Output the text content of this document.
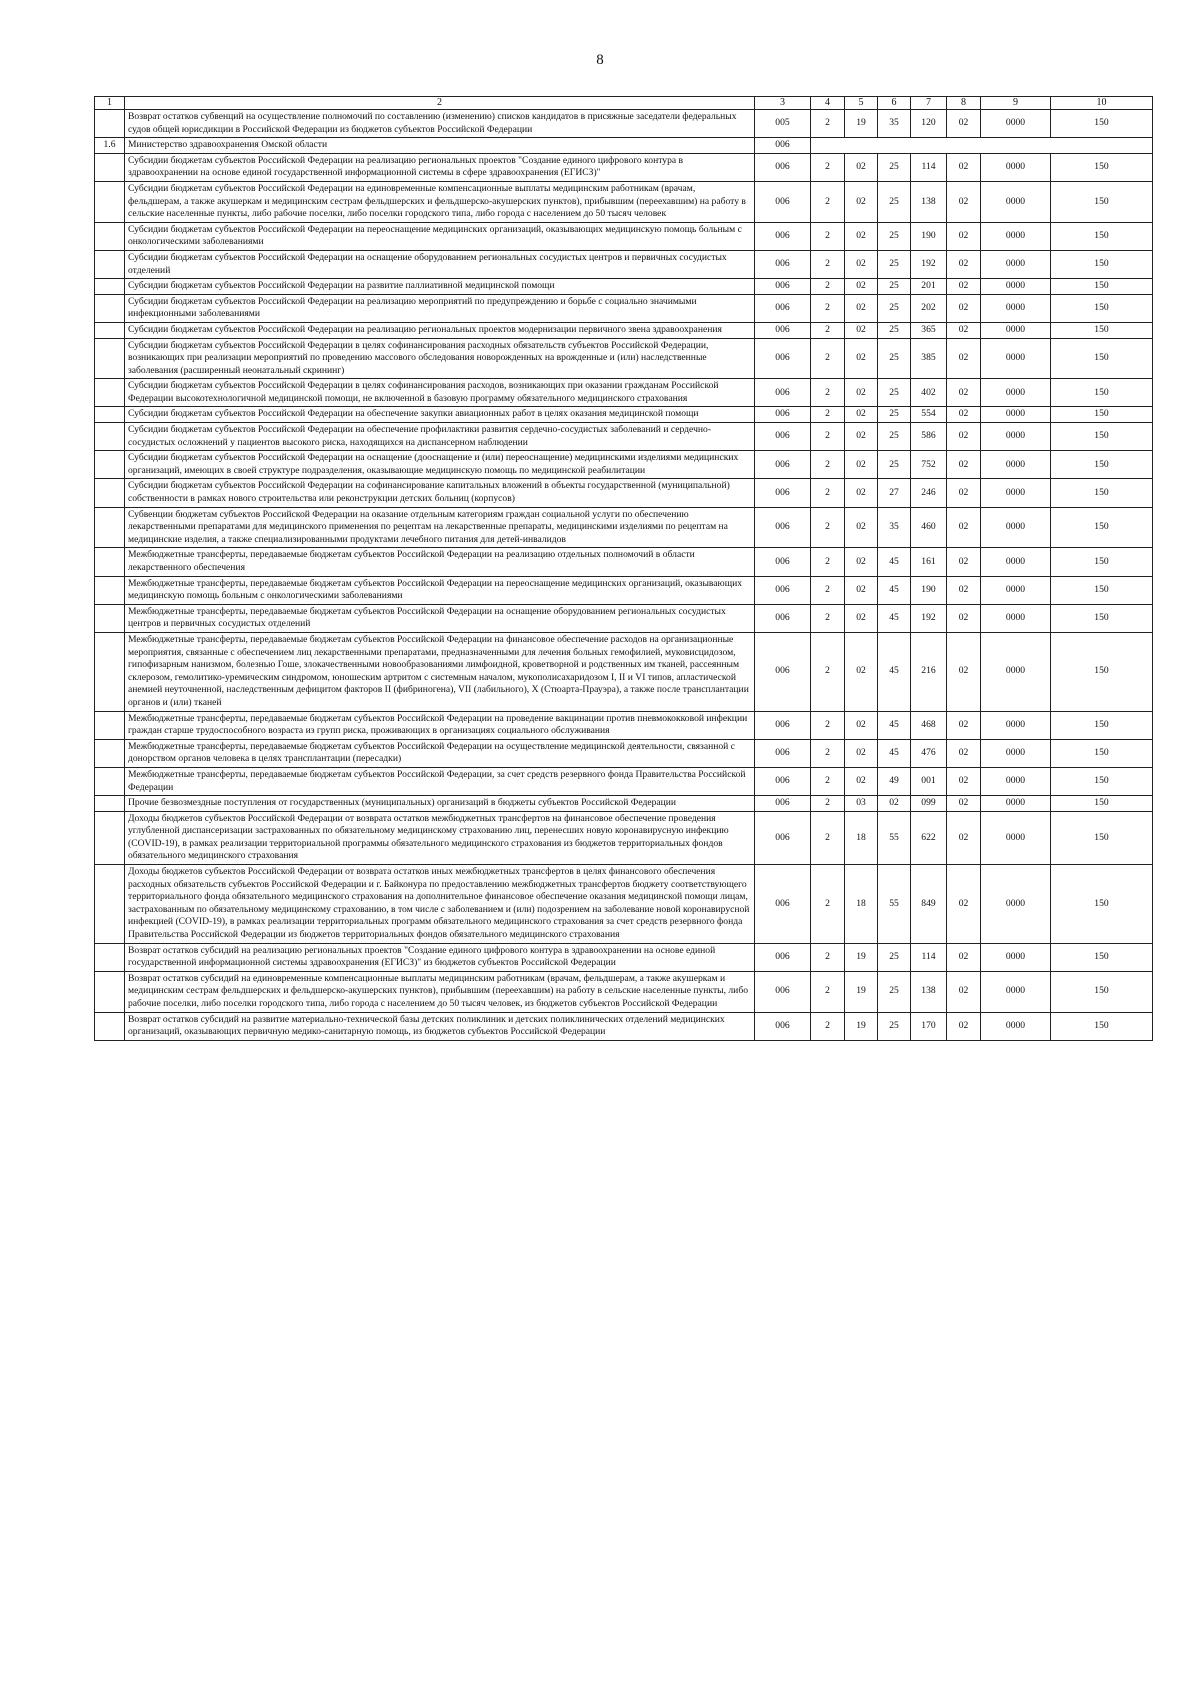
8
1	2	3	4	5	6	7	8	9	10
	Возврат остатков субвенций на осуществление полномочий по составлению (изменению) списков кандидатов в присяжные заседатели федеральных судов общей юрисдикции в Российской Федерации из бюджетов субъектов Российской Федерации	005	2	19	35	120	02	0000	150
1.6	Министерство здравоохранения Омской области	006							
	Субсидии бюджетам субъектов Российской Федерации на реализацию региональных проектов "Создание единого цифрового контура в здравоохранении на основе единой государственной информационной системы в сфере здравоохранения (ЕГИСЗ)"	006	2	02	25	114	02	0000	150
	Субсидии бюджетам субъектов Российской Федерации на единовременные компенсационные выплаты медицинским работникам (врачам, фельдшерам, а также акушеркам и медицинским сестрам фельдшерских и фельдшерско-акушерских пунктов), прибывшим (переехавшим) на работу в сельские населенные пункты, либо рабочие поселки, либо поселки городского типа, либо города с населением до 50 тысяч человек	006	2	02	25	138	02	0000	150
	Субсидии бюджетам субъектов Российской Федерации на переоснащение медицинских организаций, оказывающих медицинскую помощь больным с онкологическими заболеваниями	006	2	02	25	190	02	0000	150
	Субсидии бюджетам субъектов Российской Федерации на оснащение оборудованием региональных сосудистых центров и первичных сосудистых отделений	006	2	02	25	192	02	0000	150
	Субсидии бюджетам субъектов Российской Федерации на развитие паллиативной медицинской помощи	006	2	02	25	201	02	0000	150
	Субсидии бюджетам субъектов Российской Федерации на реализацию мероприятий по предупреждению и борьбе с социально значимыми инфекционными заболеваниями	006	2	02	25	202	02	0000	150
	Субсидии бюджетам субъектов Российской Федерации на реализацию региональных проектов модернизации первичного звена здравоохранения	006	2	02	25	365	02	0000	150
	Субсидии бюджетам субъектов Российской Федерации в целях софинансирования расходных обязательств субъектов Российской Федерации, возникающих при реализации мероприятий по проведению массового обследования новорожденных на врожденные и (или) наследственные заболевания (расширенный неонатальный скрининг)	006	2	02	25	385	02	0000	150
	Субсидии бюджетам субъектов Российской Федерации в целях софинансирования расходов, возникающих при оказании гражданам Российской Федерации высокотехнологичной медицинской помощи, не включенной в базовую программу обязательного медицинского страхования	006	2	02	25	402	02	0000	150
	Субсидии бюджетам субъектов Российской Федерации на обеспечение закупки авиационных работ в целях оказания медицинской помощи	006	2	02	25	554	02	0000	150
	Субсидии бюджетам субъектов Российской Федерации на обеспечение профилактики развития сердечно-сосудистых заболеваний и сердечно-сосудистых осложнений у пациентов высокого риска, находящихся на диспансерном наблюдении	006	2	02	25	586	02	0000	150
	Субсидии бюджетам субъектов Российской Федерации на оснащение (дооснащение и (или) переоснащение) медицинскими изделиями медицинских организаций, имеющих в своей структуре подразделения, оказывающие медицинскую помощь по медицинской реабилитации	006	2	02	25	752	02	0000	150
	Субсидии бюджетам субъектов Российской Федерации на софинансирование капитальных вложений в объекты государственной (муниципальной) собственности в рамках нового строительства или реконструкции детских больниц (корпусов)	006	2	02	27	246	02	0000	150
	Субвенции бюджетам субъектов Российской Федерации на оказание отдельным категориям граждан социальной услуги по обеспечению лекарственными препаратами для медицинского применения по рецептам на лекарственные препараты, медицинскими изделиями по рецептам на медицинские изделия, а также специализированными продуктами лечебного питания для детей-инвалидов	006	2	02	35	460	02	0000	150
	Межбюджетные трансферты, передаваемые бюджетам субъектов Российской Федерации на реализацию отдельных полномочий в области лекарственного обеспечения	006	2	02	45	161	02	0000	150
	Межбюджетные трансферты, передаваемые бюджетам субъектов Российской Федерации на переоснащение медицинских организаций, оказывающих медицинскую помощь больным с онкологическими заболеваниями	006	2	02	45	190	02	0000	150
	Межбюджетные трансферты, передаваемые бюджетам субъектов Российской Федерации на оснащение оборудованием региональных сосудистых центров и первичных сосудистых отделений	006	2	02	45	192	02	0000	150
	Межбюджетные трансферты, передаваемые бюджетам субъектов Российской Федерации на финансовое обеспечение расходов на организационные мероприятия, связанные с обеспечением лиц лекарственными препаратами, предназначенными для лечения больных гемофилией, муковисцидозом, гипофизарным нанизмом, болезнью Гоше, злокачественными новообразованиями лимфоидной, кроветворной и родственных им тканей, рассеянным склерозом, гемолитико-уремическим синдромом, юношеским артритом с системным началом, мукополисахаридозом I, II и VI типов, апластической анемией неуточненной, наследственным дефицитом факторов II (фибриногена), VII (лабильного), X (Стюарта-Прауэра), а также после трансплантации органов и (или) тканей	006	2	02	45	216	02	0000	150
	Межбюджетные трансферты, передаваемые бюджетам субъектов Российской Федерации на проведение вакцинации против пневмококковой инфекции граждан старше трудоспособного возраста из групп риска, проживающих в организациях социального обслуживания	006	2	02	45	468	02	0000	150
	Межбюджетные трансферты, передаваемые бюджетам субъектов Российской Федерации на осуществление медицинской деятельности, связанной с донорством органов человека в целях трансплантации (пересадки)	006	2	02	45	476	02	0000	150
	Межбюджетные трансферты, передаваемые бюджетам субъектов Российской Федерации, за счет средств резервного фонда Правительства Российской Федерации	006	2	02	49	001	02	0000	150
	Прочие безвозмездные поступления от государственных (муниципальных) организаций в бюджеты субъектов Российской Федерации	006	2	03	02	099	02	0000	150
	Доходы бюджетов субъектов Российской Федерации от возврата остатков межбюджетных трансфертов на финансовое обеспечение проведения углубленной диспансеризации застрахованных по обязательному медицинскому страхованию лиц, перенесших новую коронавирусную инфекцию (COVID-19), в рамках реализации территориальной программы обязательного медицинского страхования из бюджетов территориальных фондов обязательного медицинского страхования	006	2	18	55	622	02	0000	150
	Доходы бюджетов субъектов Российской Федерации от возврата остатков иных межбюджетных трансфертов в целях финансового обеспечения расходных обязательств субъектов Российской Федерации и г. Байконура по предоставлению межбюджетных трансфертов бюджету соответствующего территориального фонда обязательного медицинского страхования на дополнительное финансовое обеспечение оказания медицинской помощи лицам, застрахованным по обязательному медицинскому страхованию, в том числе с заболеванием и (или) подозрением на заболевание новой коронавирусной инфекцией (COVID-19), в рамках реализации территориальных программ обязательного медицинского страхования за счет средств резервного фонда Правительства Российской Федерации из бюджетов территориальных фондов обязательного медицинского страхования	006	2	18	55	849	02	0000	150
	Возврат остатков субсидий на реализацию региональных проектов "Создание единого цифрового контура в здравоохранении на основе единой государственной информационной системы здравоохранения (ЕГИСЗ)" из бюджетов субъектов Российской Федерации	006	2	19	25	114	02	0000	150
	Возврат остатков субсидий на единовременные компенсационные выплаты медицинским работникам (врачам, фельдшерам, а также акушеркам и медицинским сестрам фельдшерских и фельдшерско-акушерских пунктов), прибывшим (переехавшим) на работу в сельские населенные пункты, либо рабочие поселки, либо поселки городского типа, либо города с населением до 50 тысяч человек, из бюджетов субъектов Российской Федерации	006	2	19	25	138	02	0000	150
	Возврат остатков субсидий на развитие материально-технической базы детских поликлиник и детских поликлинических отделений медицинских организаций, оказывающих первичную медико-санитарную помощь, из бюджетов субъектов Российской Федерации	006	2	19	25	170	02	0000	150
